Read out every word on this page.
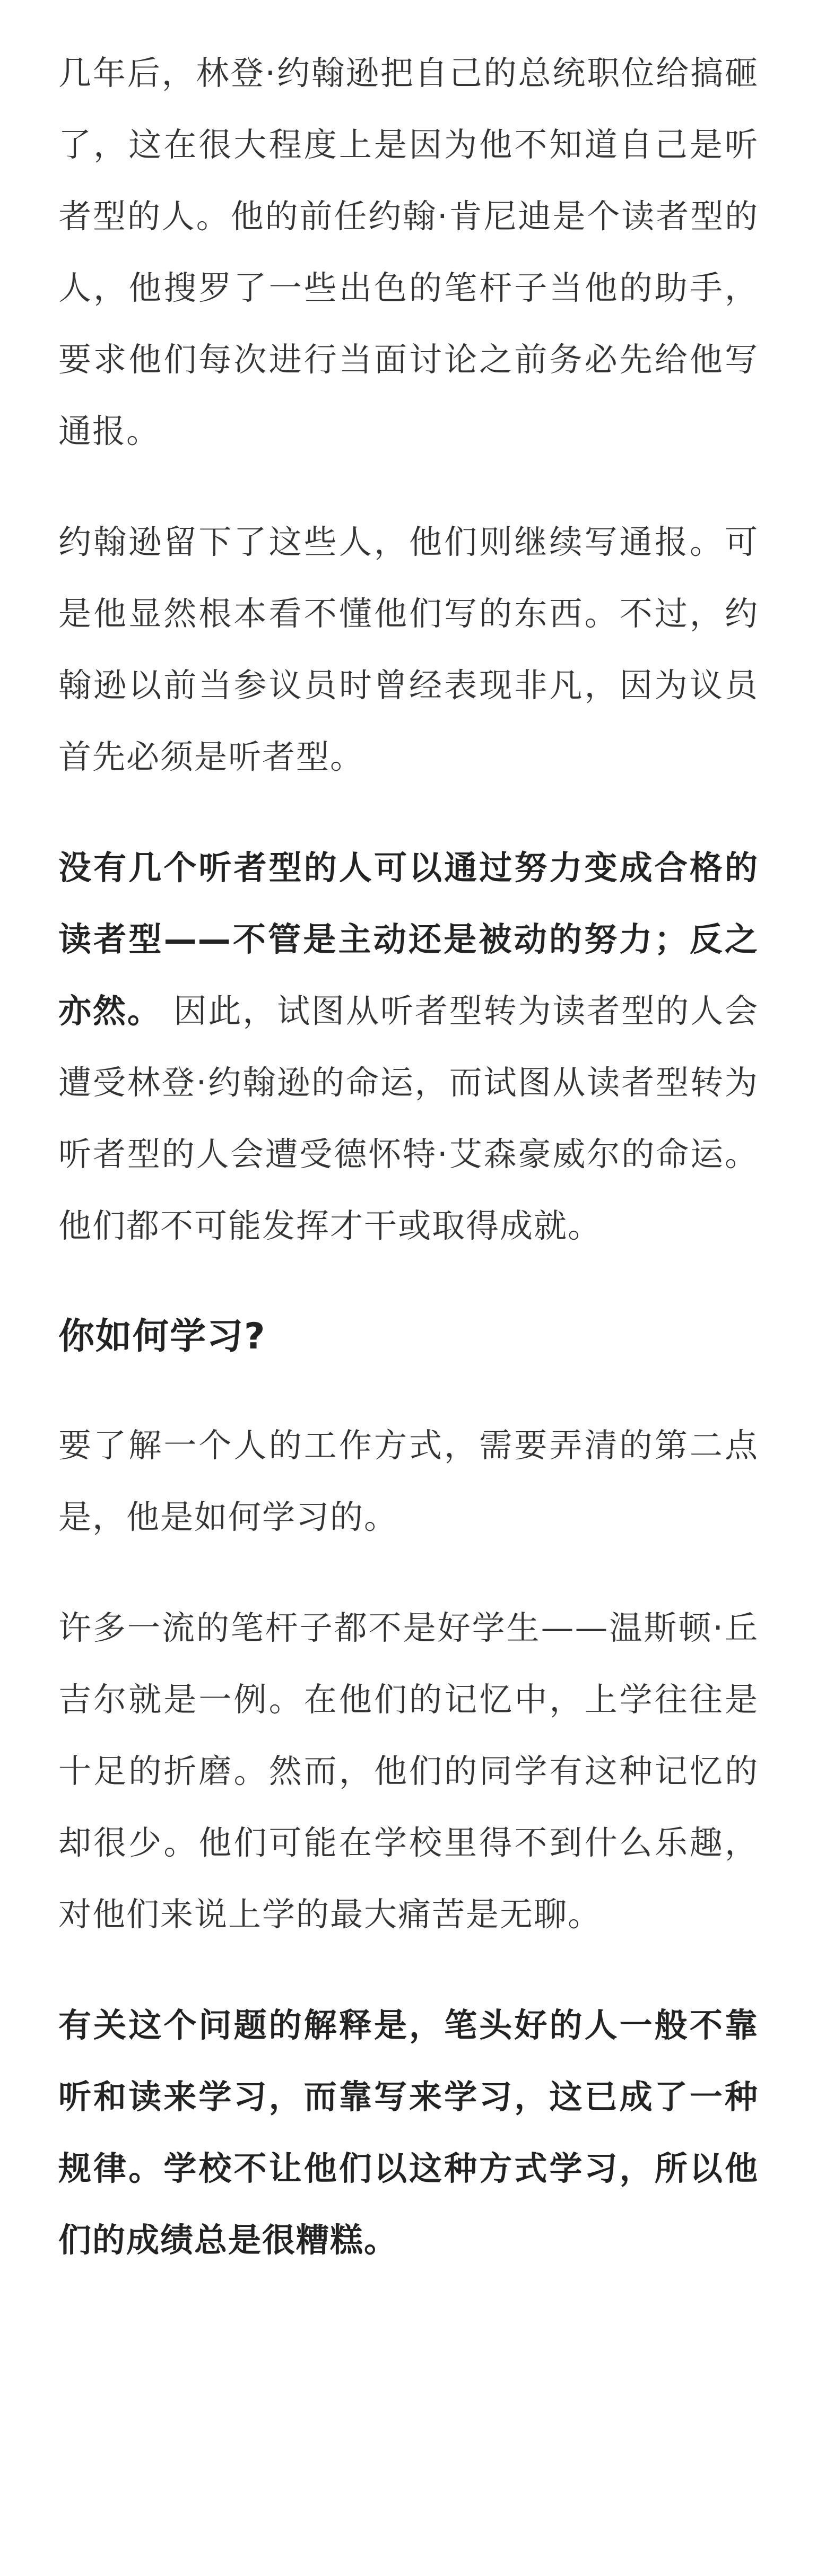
几年后，林登·约翰逊把自己的总统职位给搞砸了，这在很大程度上是因为他不知道自己是听者型的人。他的前任约翰·肯尼迪是个读者型的人，他搜罗了一些出色的笔杆子当他的助手，要求他们每次进行当面讨论之前务必先给他写通报。

约翰逊留下了这些人，他们则继续写通报。可是他显然根本看不懂他们写的东西。不过，约翰逊以前当参议员时曾经表现非凡，因为议员首先必须是听者型。

没有几个听者型的人可以通过努力变成合格的读者型——不管是主动还是被动的努力；反之亦然。 因此，试图从听者型转为读者型的人会遭受林登·约翰逊的命运，而试图从读者型转为听者型的人会遭受德怀特·艾森豪威尔的命运。他们都不可能发挥才干或取得成就。

你如何学习?

要了解一个人的工作方式，需要弄清的第二点是，他是如何学习的。

许多一流的笔杆子都不是好学生——温斯顿·丘吉尔就是一例。在他们的记忆中，上学往往是十足的折磨。然而，他们的同学有这种记忆的却很少。他们可能在学校里得不到什么乐趣，对他们来说上学的最大痛苦是无聊。

有关这个问题的解释是，笔头好的人一般不靠听和读来学习，而靠写来学习，这已成了一种规律。学校不让他们以这种方式学习，所以他们的成绩总是很糟糕。
